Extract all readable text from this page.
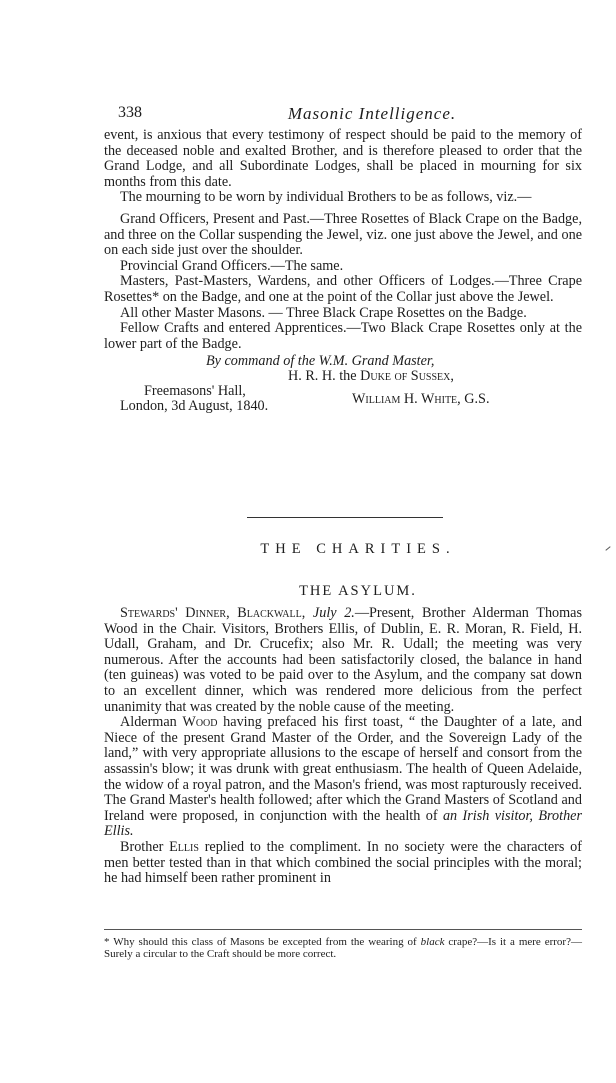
338	Masonic Intelligence.

event, is anxious that every testimony of respect should be paid to the memory of the deceased noble and exalted Brother, and is therefore pleased to order that the Grand Lodge, and all Subordinate Lodges, shall be placed in mourning for six months from this date.

The mourning to be worn by individual Brothers to be as follows, viz.—

Grand Officers, Present and Past.—Three Rosettes of Black Crape on the Badge, and three on the Collar suspending the Jewel, viz. one just above the Jewel, and one on each side just over the shoulder.

Provincial Grand Officers.—The same.

Masters, Past-Masters, Wardens, and other Officers of Lodges.—Three Crape Rosettes* on the Badge, and one at the point of the Collar just above the Jewel.

All other Master Masons. — Three Black Crape Rosettes on the Badge.

Fellow Crafts and entered Apprentices.—Two Black Crape Rosettes only at the lower part of the Badge.

By command of the W.M. Grand Master,
H. R. H. the Duke of Sussex,
Freemasons' Hall,
London, 3d August, 1840.	William H. White, G.S.
THE CHARITIES.
THE ASYLUM.

Stewards' Dinner, Blackwall, July 2.—Present, Brother Alderman Thomas Wood in the Chair. Visitors, Brothers Ellis, of Dublin, E. R. Moran, R. Field, H. Udall, Graham, and Dr. Crucefix; also Mr. R. Udall; the meeting was very numerous. After the accounts had been satisfactorily closed, the balance in hand (ten guineas) was voted to be paid over to the Asylum, and the company sat down to an excellent dinner, which was rendered more delicious from the perfect unanimity that was created by the noble cause of the meeting.

Alderman Wood having prefaced his first toast, “ the Daughter of a late, and Niece of the present Grand Master of the Order, and the Sovereign Lady of the land,” with very appropriate allusions to the escape of herself and consort from the assassin's blow; it was drunk with great enthusiasm. The health of Queen Adelaide, the widow of a royal patron, and the Mason's friend, was most rapturously received. The Grand Master's health followed; after which the Grand Masters of Scotland and Ireland were proposed, in conjunction with the health of an Irish visitor, Brother Ellis.

Brother Ellis replied to the compliment. In no society were the characters of men better tested than in that which combined the social principles with the moral; he had himself been rather prominent in

* Why should this class of Masons be excepted from the wearing of black crape?—Is it a mere error?—Surely a circular to the Craft should be more correct.
